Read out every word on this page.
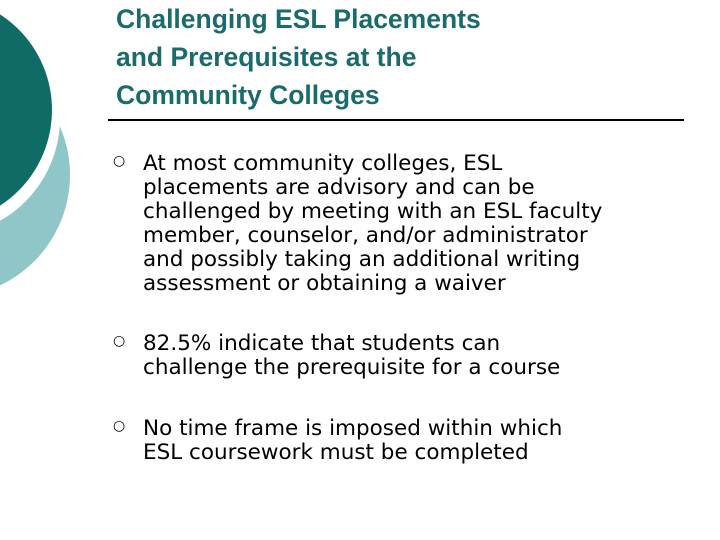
Challenging ESL Placements
and Prerequisites at the
Community Colleges
○ At most community colleges, ESL
placements are advisory and can be
challenged by meeting with an ESL faculty
member, counselor, and/or administrator
and possibly taking an additional writing
assessment or obtaining a waiver

○ 82.5% indicate that students can
challenge the prerequisite for a course

○ No time frame is imposed within which
ESL coursework must be completed
